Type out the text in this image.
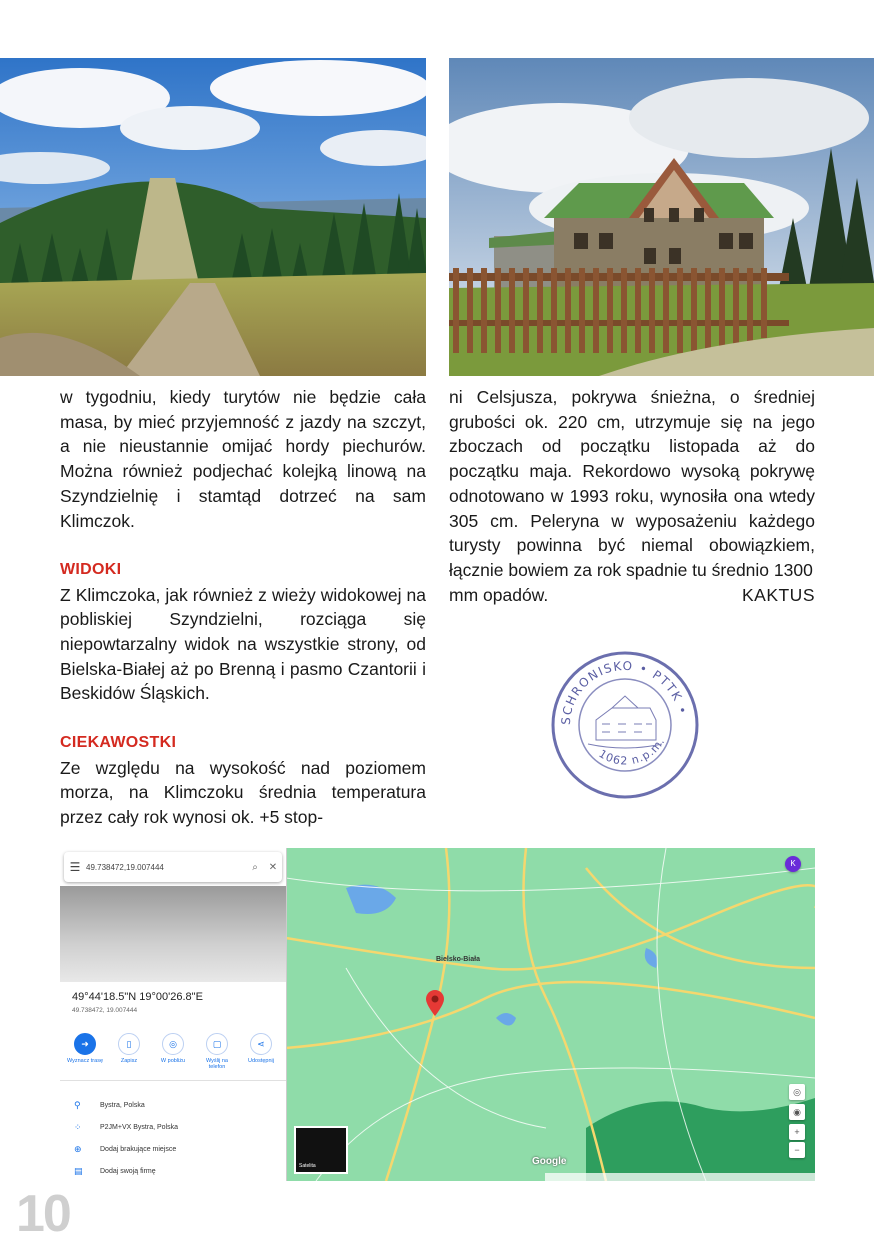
w tygodniu, kiedy turytów nie będzie cała masa, by mieć przyjemność z jazdy na szczyt, a nie nieustannie omijać hordy piechurów. Można również podjechać kolejką linową na Szyndzielnię i stamtąd dotrzeć na sam Klimczok.

WIDOKI

Z Klimczoka, jak również z wieży widokowej na pobliskiej Szyndzielni, rozciąga się niepowtarzalny widok na wszystkie strony, od Bielska-Białej aż po Brenną i pasmo Czantorii i Beskidów Śląskich.

CIEKAWOSTKI

Ze względu na wysokość nad poziomem morza, na Klimczoku średnia temperatura przez cały rok wynosi ok. +5 stop-

ni Celsjusza, pokrywa śnieżna, o średniej grubości ok. 220 cm, utrzymuje się na jego zboczach od początku listopada aż do początku maja. Rekordowo wysoką pokrywę odnotowano w 1993 roku, wynosiła ona wtedy 305 cm. Peleryna w wyposażeniu każdego turysty powinna być niemal obowiązkiem, łącznie bowiem za rok spadnie tu średnio 1300

mm opadów.	KAKTUS

SCHRONISKO • PTTK •
1062 n.p.m.
Bielsko-Biała
Satelita	Google
◎
◉
+
−
K
☰ 49.738472,19.007444	⌕	✕
49°44'18.5"N 19°00'26.8"E
49.738472, 19.007444
➜
Wyznacz trasę
▯
Zapisz
◎
W pobliżu
▢
Wyślij na telefon
⋖
Udostępnij
⚲	Bystra, Polska
⁘	P2JM+VX Bystra, Polska
⊕	Dodaj brakujące miejsce
▤	Dodaj swoją firmę
10
